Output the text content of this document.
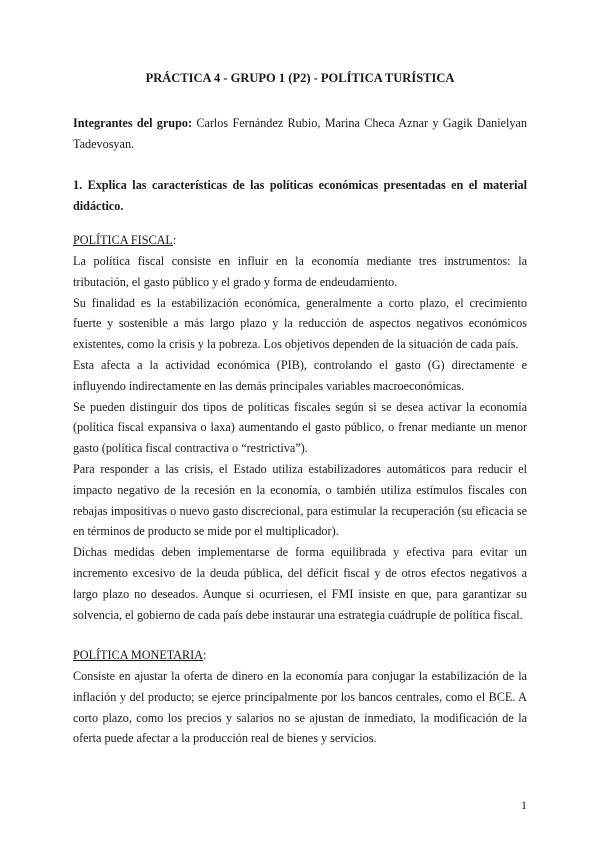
PRÁCTICA 4 - GRUPO 1 (P2) - POLÍTICA TURÍSTICA
Integrantes del grupo: Carlos Fernández Rubio, Marina Checa Aznar y Gagik Danielyan Tadevosyan.
1. Explica las características de las políticas económicas presentadas en el material didáctico.
POLÍTICA FISCAL:

La política fiscal consiste en influir en la economía mediante tres instrumentos: la tributación, el gasto público y el grado y forma de endeudamiento.

Su finalidad es la estabilización económica, generalmente a corto plazo, el crecimiento fuerte y sostenible a más largo plazo y la reducción de aspectos negativos económicos existentes, como la crisis y la pobreza. Los objetivos dependen de la situación de cada país.

Esta afecta a la actividad económica (PIB), controlando el gasto (G) directamente e influyendo indirectamente en las demás principales variables macroeconómicas.

Se pueden distinguir dos tipos de políticas fiscales según si se desea activar la economía (política fiscal expansiva o laxa) aumentando el gasto público, o frenar mediante un menor gasto (política fiscal contractiva o “restrictiva”).

Para responder a las crisis, el Estado utiliza estabilizadores automáticos para reducir el impacto negativo de la recesión en la economía, o también utiliza estímulos fiscales con rebajas impositivas o nuevo gasto discrecional, para estimular la recuperación (su eficacia se en términos de producto se mide por el multiplicador).

Dichas medidas deben implementarse de forma equilibrada y efectiva para evitar un incremento excesivo de la deuda pública, del déficit fiscal y de otros efectos negativos a largo plazo no deseados. Aunque si ocurriesen, el FMI insiste en que, para garantizar su solvencia, el gobierno de cada país debe instaurar una estrategia cuádruple de política fiscal.

POLÍTICA MONETARIA:

Consiste en ajustar la oferta de dinero en la economía para conjugar la estabilización de la inflación y del producto; se ejerce principalmente por los bancos centrales, como el BCE. A corto plazo, como los precios y salarios no se ajustan de inmediato, la modificación de la oferta puede afectar a la producción real de bienes y servicios.

1
